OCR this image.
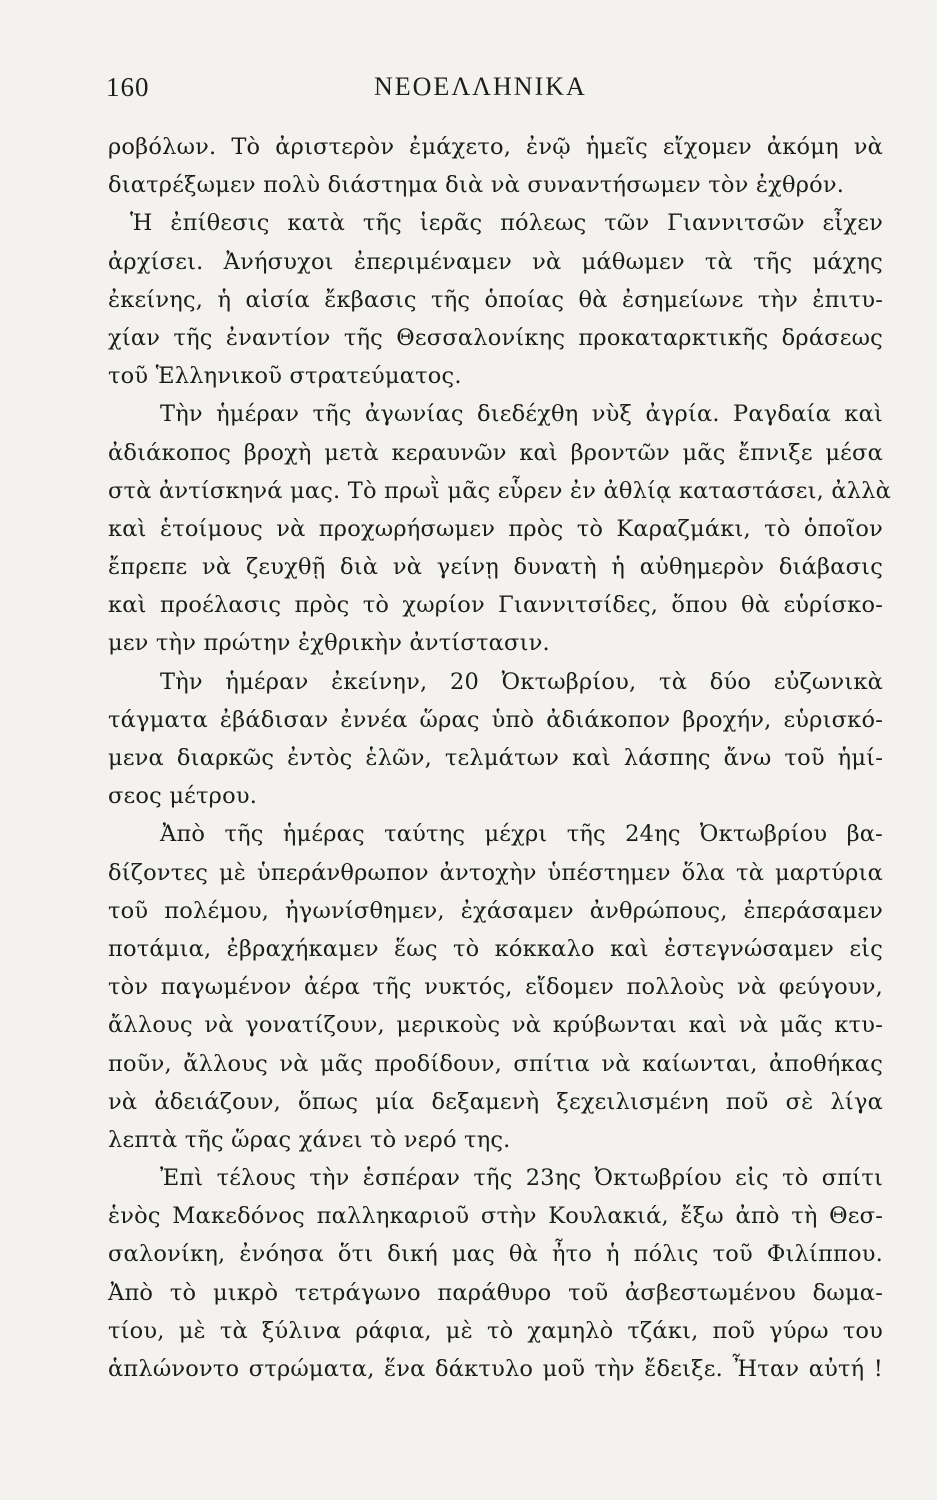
160	ΝΕΟΕΛΛΗΝΙΚΑ
ροβόλων. Τὸ ἀριστερὸν ἐμάχετο, ἐνῷ ἡμεῖς εἴχομεν ἀκόμη νὰ
διατρέξωμεν πολὺ διάστημα διὰ νὰ συναντήσωμεν τὸν ἐχθρόν.
Ἡ ἐπίθεσις κατὰ τῆς ἱερᾶς πόλεως τῶν Γιαννιτσῶν εἶχεν
ἀρχίσει. Ἀνήσυχοι ἐπεριμέναμεν νὰ μάθωμεν τὰ τῆς μάχης
ἐκείνης, ἡ αἰσία ἔκβασις τῆς ὁποίας θὰ ἐσημείωνε τὴν ἐπιτυ-
χίαν τῆς ἐναντίον τῆς Θεσσαλονίκης προκαταρκτικῆς δράσεως
τοῦ Ἑλληνικοῦ στρατεύματος.
Τὴν ἡμέραν τῆς ἀγωνίας διεδέχθη νὺξ ἀγρία. Ραγδαία καὶ
ἀδιάκοπος βροχὴ μετὰ κεραυνῶν καὶ βροντῶν μᾶς ἔπνιξε μέσα
στὰ ἀντίσκηνά μας. Τὸ πρωῒ μᾶς εὗρεν ἐν ἀθλίᾳ καταστάσει, ἀλλὰ
καὶ ἑτοίμους νὰ προχωρήσωμεν πρὸς τὸ Καραζμάκι, τὸ ὁποῖον
ἔπρεπε νὰ ζευχθῇ διὰ νὰ γείνῃ δυνατὴ ἡ αὐθημερὸν διάβασις
καὶ προέλασις πρὸς τὸ χωρίον Γιαννιτσίδες, ὅπου θὰ εὑρίσκο-
μεν τὴν πρώτην ἐχθρικὴν ἀντίστασιν.
Τὴν ἡμέραν ἐκείνην, 20 Ὀκτωβρίου, τὰ δύο εὐζωνικὰ
τάγματα ἐβάδισαν ἐννέα ὥρας ὑπὸ ἀδιάκοπον βροχήν, εὑρισκό-
μενα διαρκῶς ἐντὸς ἑλῶν, τελμάτων καὶ λάσπης ἄνω τοῦ ἡμί-
σεος μέτρου.
Ἀπὸ τῆς ἡμέρας ταύτης μέχρι τῆς 24ης Ὀκτωβρίου βα-
δίζοντες μὲ ὑπεράνθρωπον ἀντοχὴν ὑπέστημεν ὅλα τὰ μαρτύρια
τοῦ πολέμου, ἠγωνίσθημεν, ἐχάσαμεν ἀνθρώπους, ἐπεράσαμεν
ποτάμια, ἐβραχήκαμεν ἕως τὸ κόκκαλο καὶ ἐστεγνώσαμεν εἰς
τὸν παγωμένον ἀέρα τῆς νυκτός, εἴδομεν πολλοὺς νὰ φεύγουν,
ἄλλους νὰ γονατίζουν, μερικοὺς νὰ κρύβωνται καὶ νὰ μᾶς κτυ-
ποῦν, ἄλλους νὰ μᾶς προδίδουν, σπίτια νὰ καίωνται, ἀποθήκας
νὰ ἀδειάζουν, ὅπως μία δεξαμενὴ ξεχειλισμένη ποῦ σὲ λίγα
λεπτὰ τῆς ὥρας χάνει τὸ νερό της.
Ἐπὶ τέλους τὴν ἑσπέραν τῆς 23ης Ὀκτωβρίου εἰς τὸ σπίτι
ἑνὸς Μακεδόνος παλληκαριοῦ στὴν Κουλακιά, ἔξω ἀπὸ τὴ Θεσ-
σαλονίκη, ἐνόησα ὅτι δική μας θὰ ἦτο ἡ πόλις τοῦ Φιλίππου.
Ἀπὸ τὸ μικρὸ τετράγωνο παράθυρο τοῦ ἀσβεστωμένου δωμα-
τίου, μὲ τὰ ξύλινα ράφια, μὲ τὸ χαμηλὸ τζάκι, ποῦ γύρω του
ἁπλώνοντο στρώματα, ἕνα δάκτυλο μοῦ τὴν ἔδειξε. Ἦταν αὐτή !
